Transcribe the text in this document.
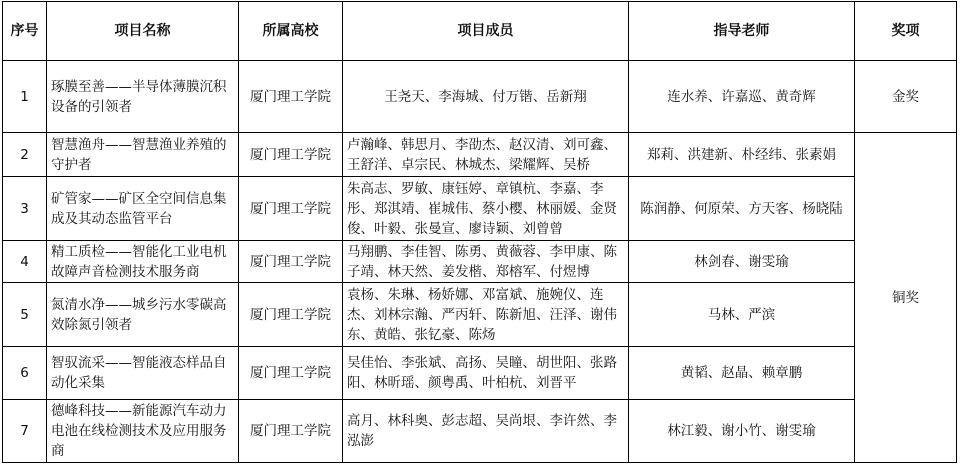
序号	项目名称	所属高校	项目成员	指导老师	奖项
1	琢膜至善——半导体薄膜沉积设备的引领者	厦门理工学院	王尧天、李海城、付万锴、岳新翔	连水养、许嘉巡、黄奇辉	金奖
2	智慧渔舟——智慧渔业养殖的守护者	厦门理工学院	卢瀚峰、韩思月、李劭杰、赵汉清、刘可鑫、王舒洋、卓宗民、林城杰、梁耀辉、吴桥	郑莉、洪建新、朴经纬、张素娟	铜奖
3	矿管家——矿区全空间信息集成及其动态监管平台	厦门理工学院	朱高志、罗敏、康钰婷、章镇杭、李嘉、李彤、郑淇靖、崔城伟、蔡小樱、林丽媛、金贤俊、叶毅、张曼宣、廖诗颖、刘曾曾	陈润静、何原荣、方天客、杨晓陆	
4	精工质检——智能化工业电机故障声音检测技术服务商	厦门理工学院	马翔鹏、李佳智、陈勇、黄薇蓉、李甲康、陈子靖、林天然、姜发楷、郑榕军、付煜博	林剑春、谢雯瑜	
5	氮清水净——城乡污水零碳高效除氮引领者	厦门理工学院	袁杨、朱琳、杨娇娜、邓富斌、施婉仪、连杰、刘林宗瀚、严丙轩、陈新旭、汪泽、谢伟东、黄皓、张钇豪、陈炀	马林、严滨	
6	智驭流采——智能液态样品自动化采集	厦门理工学院	吴佳怡、李张斌、高扬、吴瞳、胡世阳、张路阳、林昕瑶、颜粤禹、叶柏杭、刘晋平	黄韬、赵晶、赖章鹏	
7	德峰科技——新能源汽车动力电池在线检测技术及应用服务商	厦门理工学院	高月、林科奥、彭志超、吴尚垠、李许然、李泓澎	林江毅、谢小竹、谢雯瑜	
